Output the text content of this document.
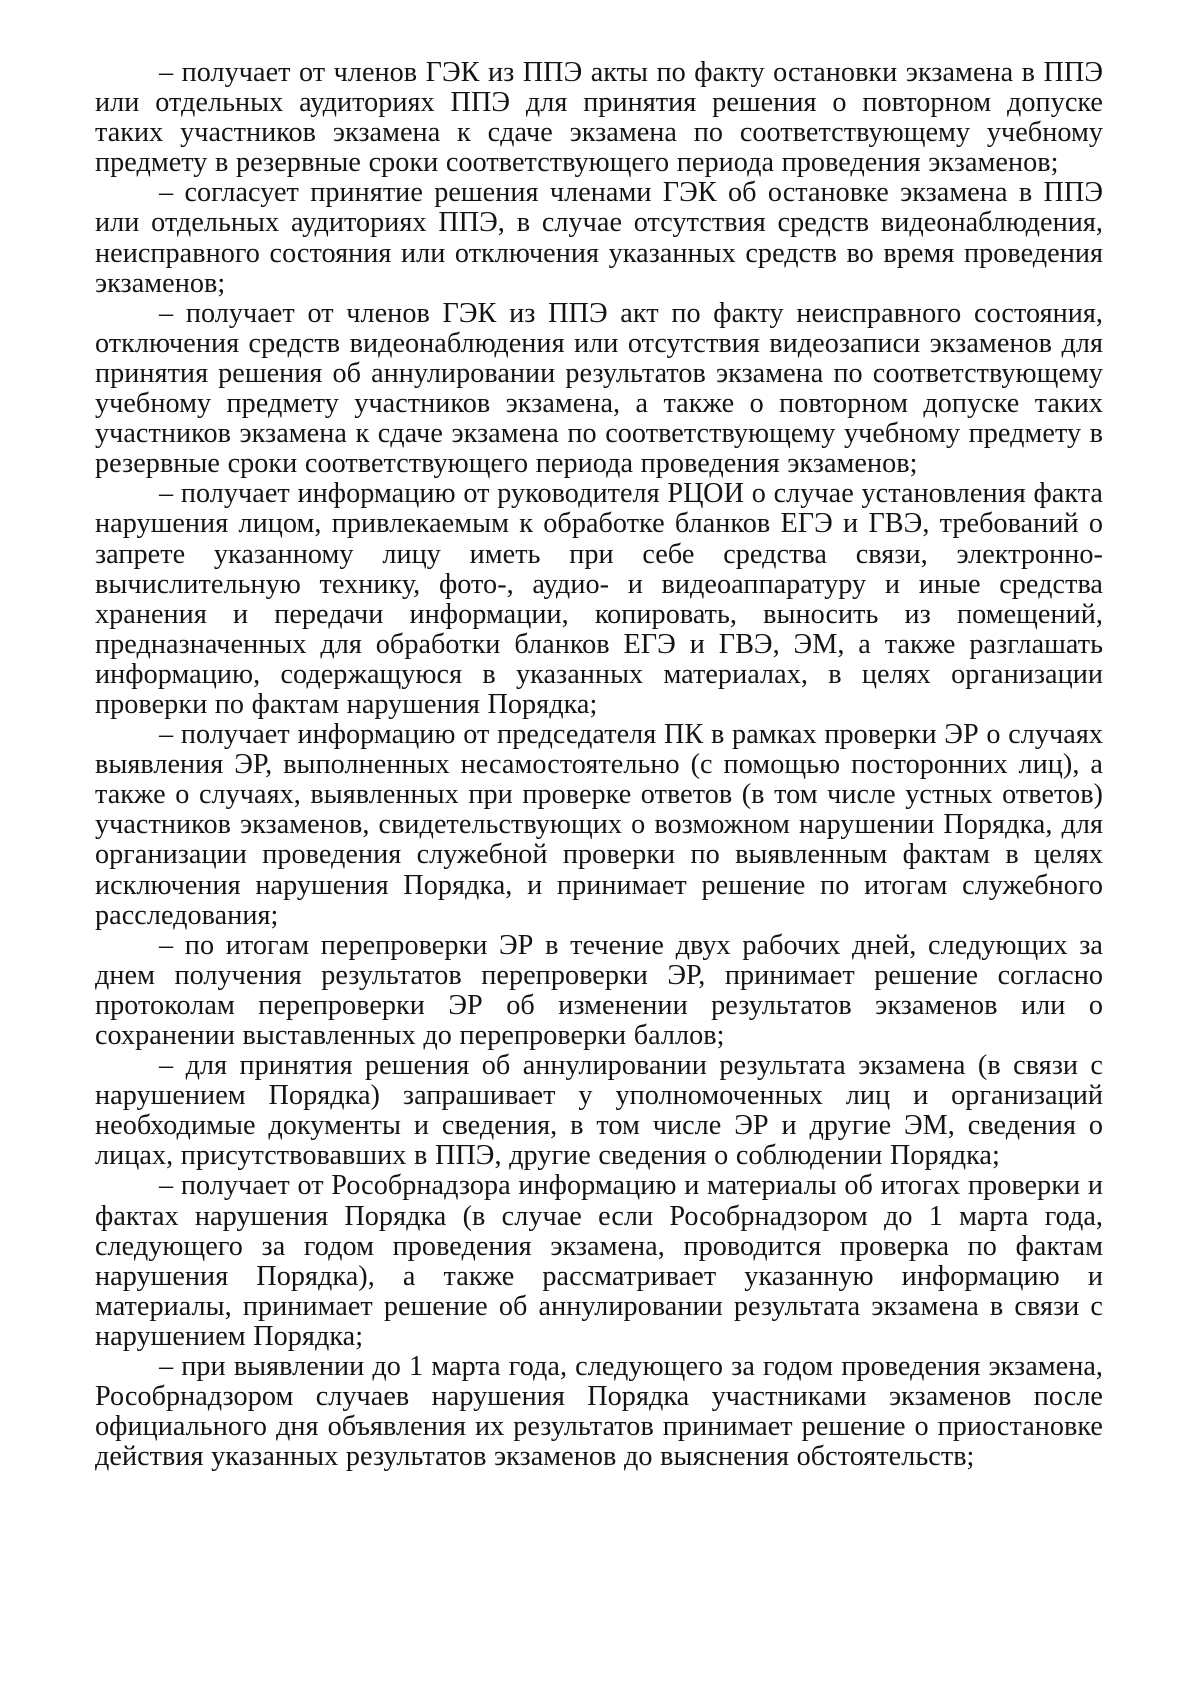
– получает от членов ГЭК из ППЭ акты по факту остановки экзамена в ППЭ или отдельных аудиториях ППЭ для принятия решения о повторном допуске таких участников экзамена к сдаче экзамена по соответствующему учебному предмету в резервные сроки соответствующего периода проведения экзаменов;

– согласует принятие решения членами ГЭК об остановке экзамена в ППЭ или отдельных аудиториях ППЭ, в случае отсутствия средств видеонаблюдения, неисправного состояния или отключения указанных средств во время проведения экзаменов;

– получает от членов ГЭК из ППЭ акт по факту неисправного состояния, отключения средств видеонаблюдения или отсутствия видеозаписи экзаменов для принятия решения об аннулировании результатов экзамена по соответствующему учебному предмету участников экзамена, а также о повторном допуске таких участников экзамена к сдаче экзамена по соответствующему учебному предмету в резервные сроки соответствующего периода проведения экзаменов;

– получает информацию от руководителя РЦОИ о случае установления факта нарушения лицом, привлекаемым к обработке бланков ЕГЭ и ГВЭ, требований о запрете указанному лицу иметь при себе средства связи, электронно-вычислительную технику, фото-, аудио- и видеоаппаратуру и иные средства хранения и передачи информации, копировать, выносить из помещений, предназначенных для обработки бланков ЕГЭ и ГВЭ, ЭМ, а также разглашать информацию, содержащуюся в указанных материалах, в целях организации проверки по фактам нарушения Порядка;

– получает информацию от председателя ПК в рамках проверки ЭР о случаях выявления ЭР, выполненных несамостоятельно (с помощью посторонних лиц), а также о случаях, выявленных при проверке ответов (в том числе устных ответов) участников экзаменов, свидетельствующих о возможном нарушении Порядка, для организации проведения служебной проверки по выявленным фактам в целях исключения нарушения Порядка, и принимает решение по итогам служебного расследования;

– по итогам перепроверки ЭР в течение двух рабочих дней, следующих за днем получения результатов перепроверки ЭР, принимает решение согласно протоколам перепроверки ЭР об изменении результатов экзаменов или о сохранении выставленных до перепроверки баллов;

– для принятия решения об аннулировании результата экзамена (в связи с нарушением Порядка) запрашивает у уполномоченных лиц и организаций необходимые документы и сведения, в том числе ЭР и другие ЭМ, сведения о лицах, присутствовавших в ППЭ, другие сведения о соблюдении Порядка;

– получает от Рособрнадзора информацию и материалы об итогах проверки и фактах нарушения Порядка (в случае если Рособрнадзором до 1 марта года, следующего за годом проведения экзамена, проводится проверка по фактам нарушения Порядка), а также рассматривает указанную информацию и материалы, принимает решение об аннулировании результата экзамена в связи с нарушением Порядка;

– при выявлении до 1 марта года, следующего за годом проведения экзамена, Рособрнадзором случаев нарушения Порядка участниками экзаменов после официального дня объявления их результатов принимает решение о приостановке действия указанных результатов экзаменов до выяснения обстоятельств;
